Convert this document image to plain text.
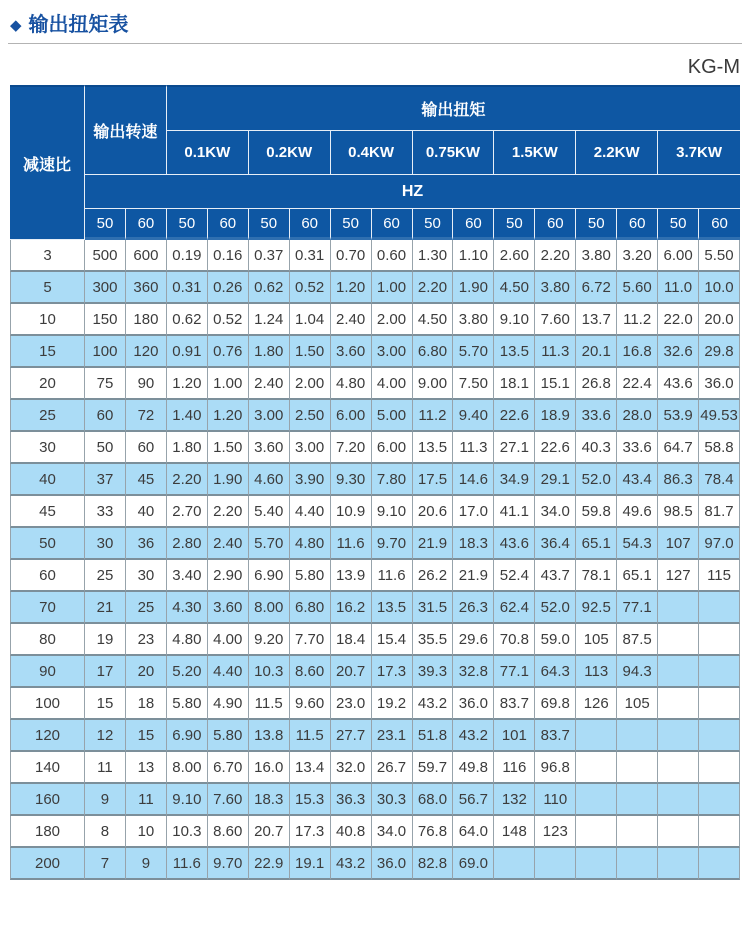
◆ 输出扭矩表
KG-M
减速比	输出转速		输出扭矩													
			0.1KW		0.2KW		0.4KW		0.75KW		1.5KW		2.2KW		3.7KW	
	HZ															
	50	60	50	60	50	60	50	60	50	60	50	60	50	60	50	60
3	500	600	0.19	0.16	0.37	0.31	0.70	0.60	1.30	1.10	2.60	2.20	3.80	3.20	6.00	5.50
5	300	360	0.31	0.26	0.62	0.52	1.20	1.00	2.20	1.90	4.50	3.80	6.72	5.60	11.0	10.0
10	150	180	0.62	0.52	1.24	1.04	2.40	2.00	4.50	3.80	9.10	7.60	13.7	11.2	22.0	20.0
15	100	120	0.91	0.76	1.80	1.50	3.60	3.00	6.80	5.70	13.5	11.3	20.1	16.8	32.6	29.8
20	75	90	1.20	1.00	2.40	2.00	4.80	4.00	9.00	7.50	18.1	15.1	26.8	22.4	43.6	36.0
25	60	72	1.40	1.20	3.00	2.50	6.00	5.00	11.2	9.40	22.6	18.9	33.6	28.0	53.9	49.53
30	50	60	1.80	1.50	3.60	3.00	7.20	6.00	13.5	11.3	27.1	22.6	40.3	33.6	64.7	58.8
40	37	45	2.20	1.90	4.60	3.90	9.30	7.80	17.5	14.6	34.9	29.1	52.0	43.4	86.3	78.4
45	33	40	2.70	2.20	5.40	4.40	10.9	9.10	20.6	17.0	41.1	34.0	59.8	49.6	98.5	81.7
50	30	36	2.80	2.40	5.70	4.80	11.6	9.70	21.9	18.3	43.6	36.4	65.1	54.3	107	97.0
60	25	30	3.40	2.90	6.90	5.80	13.9	11.6	26.2	21.9	52.4	43.7	78.1	65.1	127	115
70	21	25	4.30	3.60	8.00	6.80	16.2	13.5	31.5	26.3	62.4	52.0	92.5	77.1		
80	19	23	4.80	4.00	9.20	7.70	18.4	15.4	35.5	29.6	70.8	59.0	105	87.5		
90	17	20	5.20	4.40	10.3	8.60	20.7	17.3	39.3	32.8	77.1	64.3	113	94.3		
100	15	18	5.80	4.90	11.5	9.60	23.0	19.2	43.2	36.0	83.7	69.8	126	105		
120	12	15	6.90	5.80	13.8	11.5	27.7	23.1	51.8	43.2	101	83.7				
140	11	13	8.00	6.70	16.0	13.4	32.0	26.7	59.7	49.8	116	96.8				
160	9	11	9.10	7.60	18.3	15.3	36.3	30.3	68.0	56.7	132	110				
180	8	10	10.3	8.60	20.7	17.3	40.8	34.0	76.8	64.0	148	123				
200	7	9	11.6	9.70	22.9	19.1	43.2	36.0	82.8	69.0						
